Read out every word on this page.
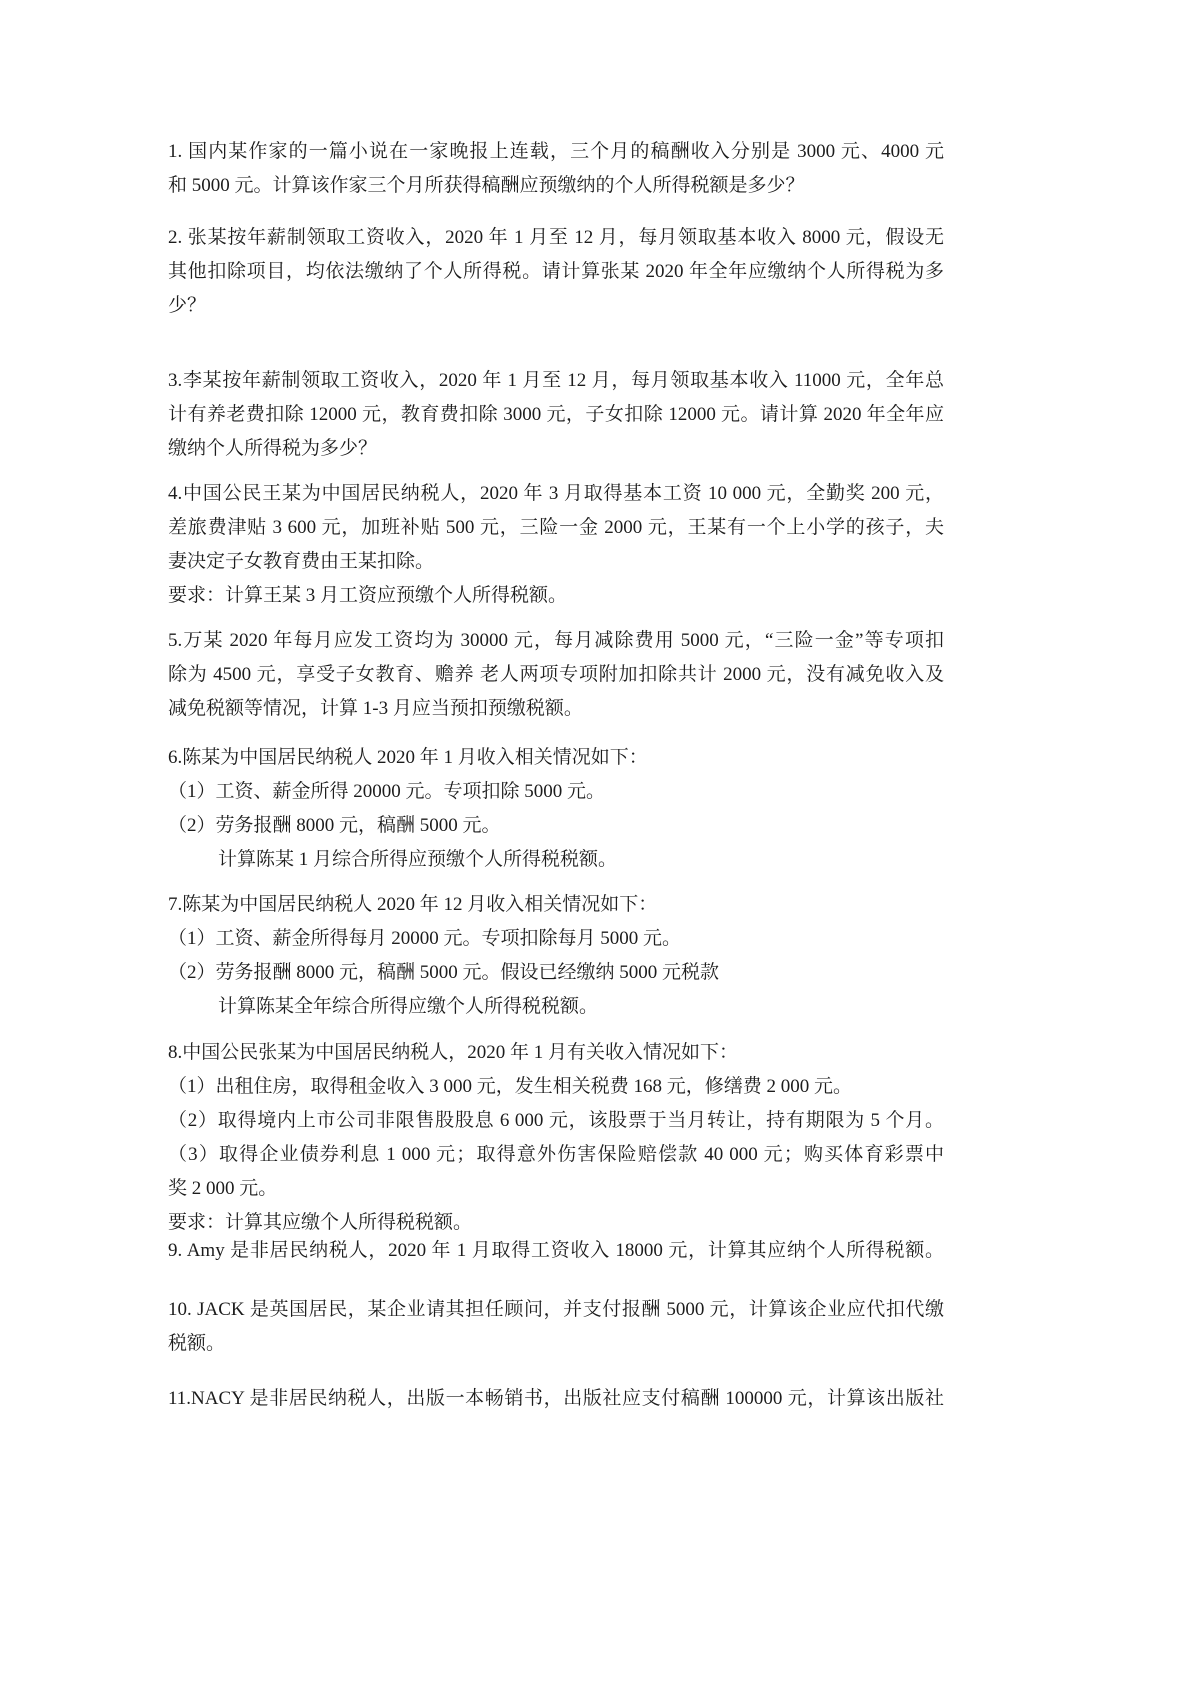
1. 国内某作家的一篇小说在一家晚报上连载，三个月的稿酬收入分别是 3000 元、4000 元
和 5000 元。计算该作家三个月所获得稿酬应预缴纳的个人所得税额是多少？
2. 张某按年薪制领取工资收入，2020 年 1 月至 12 月，每月领取基本收入 8000 元，假设无
其他扣除项目，均依法缴纳了个人所得税。请计算张某 2020 年全年应缴纳个人所得税为多
少？
3.李某按年薪制领取工资收入，2020 年 1 月至 12 月，每月领取基本收入 11000 元，全年总
计有养老费扣除 12000 元，教育费扣除 3000 元，子女扣除 12000 元。请计算 2020 年全年应
缴纳个人所得税为多少？
4.中国公民王某为中国居民纳税人，2020 年 3 月取得基本工资 10 000 元，全勤奖 200 元，
差旅费津贴 3 600 元，加班补贴 500 元，三险一金 2000 元，王某有一个上小学的孩子，夫
妻决定子女教育费由王某扣除。
要求：计算王某 3 月工资应预缴个人所得税额。
5.万某 2020 年每月应发工资均为 30000 元，每月减除费用 5000 元，“三险一金”等专项扣
除为 4500 元，享受子女教育、赡养 老人两项专项附加扣除共计 2000 元，没有减免收入及
减免税额等情况，计算 1-3 月应当预扣预缴税额。
6.陈某为中国居民纳税人 2020 年 1 月收入相关情况如下：
（1）工资、薪金所得 20000 元。专项扣除 5000 元。
（2）劳务报酬 8000 元，稿酬 5000 元。
计算陈某 1 月综合所得应预缴个人所得税税额。
7.陈某为中国居民纳税人 2020 年 12 月收入相关情况如下：
（1）工资、薪金所得每月 20000 元。专项扣除每月 5000 元。
（2）劳务报酬 8000 元，稿酬 5000 元。假设已经缴纳 5000 元税款
计算陈某全年综合所得应缴个人所得税税额。
8.中国公民张某为中国居民纳税人，2020 年 1 月有关收入情况如下：
（1）出租住房，取得租金收入 3 000 元，发生相关税费 168 元，修缮费 2 000 元。
（2）取得境内上市公司非限售股股息 6 000 元，该股票于当月转让，持有期限为 5 个月。
（3）取得企业债券利息 1 000 元；取得意外伤害保险赔偿款 40 000 元；购买体育彩票中
奖 2 000 元。
要求：计算其应缴个人所得税税额。
9. Amy 是非居民纳税人，2020 年 1 月取得工资收入 18000 元，计算其应纳个人所得税额。
10. JACK 是英国居民，某企业请其担任顾问，并支付报酬 5000 元，计算该企业应代扣代缴
税额。
11.NACY 是非居民纳税人，出版一本畅销书，出版社应支付稿酬 100000 元，计算该出版社
